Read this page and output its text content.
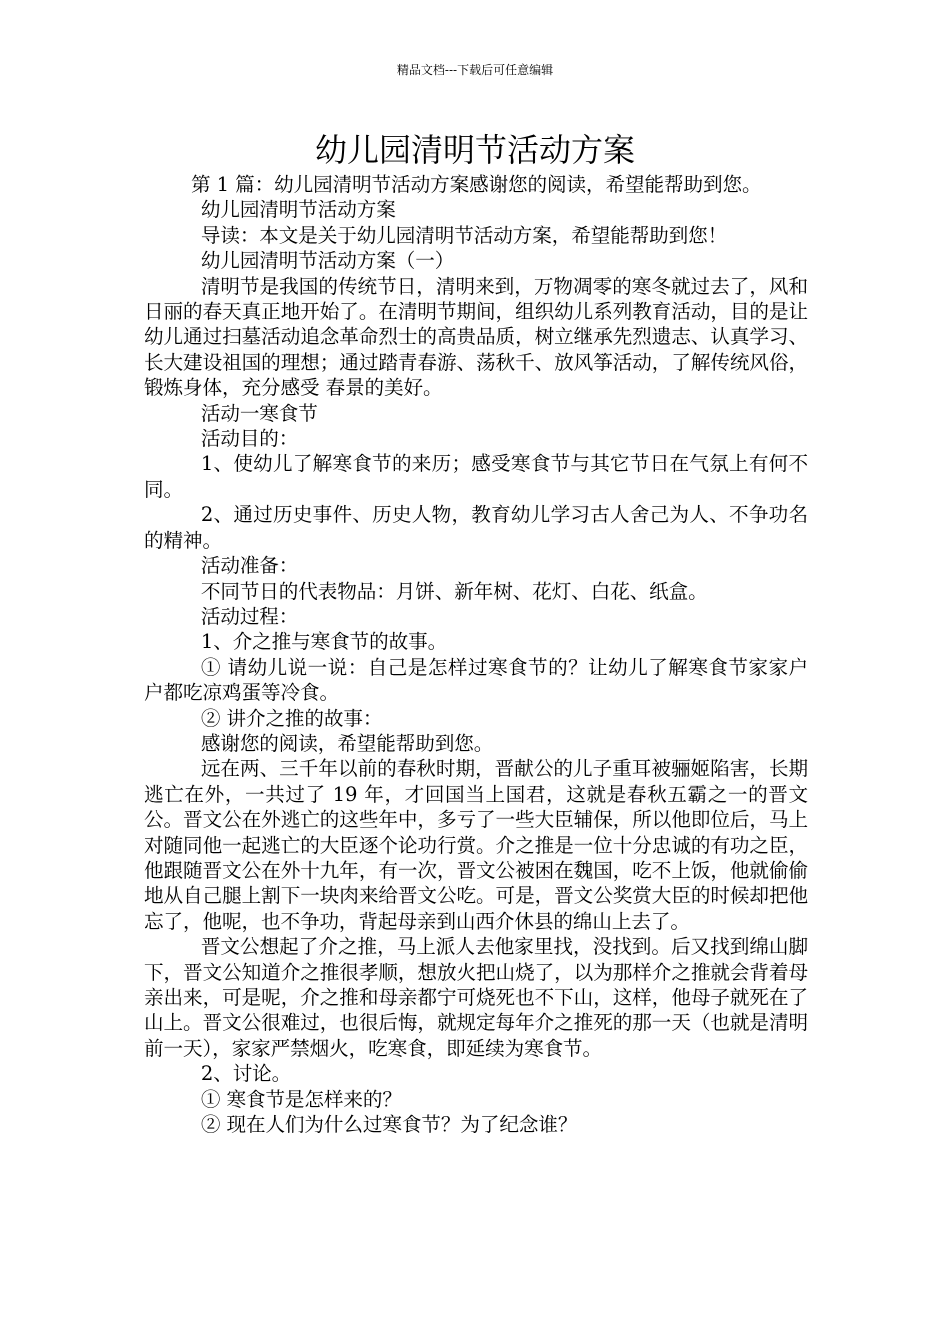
精品文档---下载后可任意编辑
幼儿园清明节活动方案

第 1 篇：幼儿园清明节活动方案感谢您的阅读，希望能帮助到您。

幼儿园清明节活动方案

导读：本文是关于幼儿园清明节活动方案，希望能帮助到您！

幼儿园清明节活动方案（一）

清明节是我国的传统节日，清明来到，万物凋零的寒冬就过去了，风和日丽的春天真正地开始了。在清明节期间，组织幼儿系列教育活动，目的是让幼儿通过扫墓活动追念革命烈士的高贵品质，树立继承先烈遗志、认真学习、长大建设祖国的理想；通过踏青春游、荡秋千、放风筝活动，了解传统风俗，锻炼身体，充分感受 春景的美好。

活动一寒食节

活动目的：

1、使幼儿了解寒食节的来历；感受寒食节与其它节日在气氛上有何不同。

2、通过历史事件、历史人物，教育幼儿学习古人舍己为人、不争功名的精神。

活动准备：

不同节日的代表物品：月饼、新年树、花灯、白花、纸盒。

活动过程：

1、介之推与寒食节的故事。

① 请幼儿说一说：自己是怎样过寒食节的？让幼儿了解寒食节家家户户都吃凉鸡蛋等冷食。

② 讲介之推的故事：

感谢您的阅读，希望能帮助到您。

远在两、三千年以前的春秋时期，晋献公的儿子重耳被骊姬陷害，长期逃亡在外，一共过了 19 年，才回国当上国君，这就是春秋五霸之一的晋文公。晋文公在外逃亡的这些年中，多亏了一些大臣辅保，所以他即位后，马上对随同他一起逃亡的大臣逐个论功行赏。介之推是一位十分忠诚的有功之臣，他跟随晋文公在外十九年，有一次，晋文公被困在魏国，吃不上饭，他就偷偷地从自己腿上割下一块肉来给晋文公吃。可是，晋文公奖赏大臣的时候却把他忘了，他呢，也不争功，背起母亲到山西介休县的绵山上去了。

晋文公想起了介之推，马上派人去他家里找，没找到。后又找到绵山脚下，晋文公知道介之推很孝顺，想放火把山烧了，以为那样介之推就会背着母亲出来，可是呢，介之推和母亲都宁可烧死也不下山，这样，他母子就死在了山上。晋文公很难过，也很后悔，就规定每年介之推死的那一天（也就是清明前一天），家家严禁烟火，吃寒食，即延续为寒食节。

2、讨论。

① 寒食节是怎样来的？

② 现在人们为什么过寒食节？为了纪念谁？
